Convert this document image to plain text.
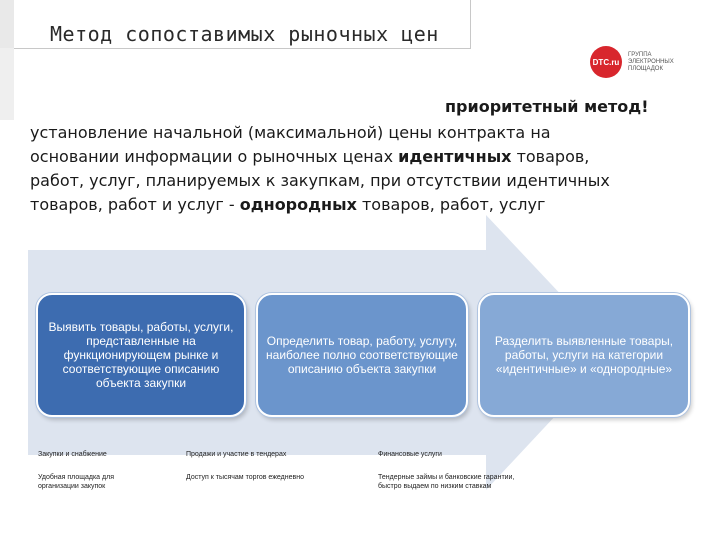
Метод сопоставимых рыночных цен
DTC.ru
ГРУППА
ЭЛЕКТРОННЫХ
ПЛОЩАДОК
приоритетный метод!
установление начальной (максимальной) цены контракта на
основании информации о рыночных ценах идентичных товаров,
работ, услуг, планируемых к закупкам, при отсутствии идентичных
товаров, работ и услуг - однородных товаров, работ, услуг
Выявить товары, работы, услуги, представленные на функционирующем рынке и соответствующие описанию объекта закупки
Определить товар, работу, услугу, наиболее полно соответствующие описанию объекта закупки
Разделить выявленные товары, работы, услуги на категории «идентичные» и «однородные»
Закупки и снабжение
Удобная площадка для
организации закупок
Продажи и участие в тендерах
Доступ к тысячам торгов ежедневно
Финансовые услуги
Тендерные займы и банковские гарантии,
быстро выдаем по низким ставкам
